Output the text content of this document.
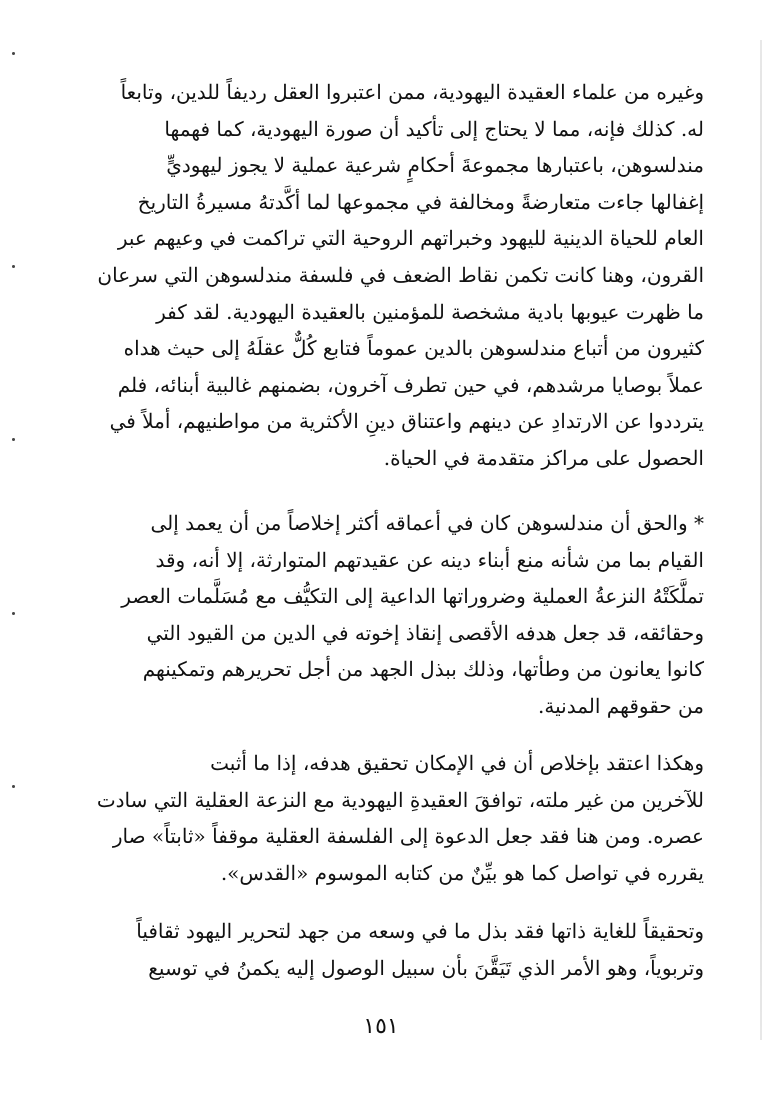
وغيره من علماء العقيدة اليهودية، ممن اعتبروا العقل رديفاً للدين، وتابعاً

له. كذلك فإنه، مما لا يحتاج إلى تأكيد أن صورة اليهودية، كما فهمها

مندلسوهن، باعتبارها مجموعةَ أحكامٍ شرعية عملية لا يجوز ليهوديٍّ

إغفالها جاءت متعارضةً ومخالفة في مجموعها لما أكَّدتهُ مسيرةُ التاريخ

العام للحياة الدينية لليهود وخبراتهم الروحية التي تراكمت في وعيهم عبر

القرون، وهنا كانت تكمن نقاط الضعف في فلسفة مندلسوهن التي سرعان

ما ظهرت عيوبها بادية مشخصة للمؤمنين بالعقيدة اليهودية. لقد كفر

كثيرون من أتباع مندلسوهن بالدين عموماً فتابع كُلٌّ عقلَهُ إلى حيث هداه

عملاً بوصايا مرشدهم، في حين تطرف آخرون، بضمنهم غالبية أبنائه، فلم

يترددوا عن الارتدادِ عن دينهم واعتناق دينِ الأكثرية من مواطنيهم، أملاً في

الحصول على مراكز متقدمة في الحياة.

* والحق أن مندلسوهن كان في أعماقه أكثر إخلاصاً من أن يعمد إلى

القيام بما من شأنه منع أبناء دينه عن عقيدتهم المتوارثة، إلا أنه، وقد

تملَّكَتْهُ النزعةُ العملية وضروراتها الداعية إلى التكيُّف مع مُسَلَّمات العصر

وحقائقه، قد جعل هدفه الأقصى إنقاذ إخوته في الدين من القيود التي

كانوا يعانون من وطأتها، وذلك ببذل الجهد من أجل تحريرهم وتمكينهم

من حقوقهم المدنية.

وهكذا اعتقد بإخلاص أن في الإمكان تحقيق هدفه، إذا ما أثبت

للآخرين من غير ملته، توافقَ العقيدةِ اليهودية مع النزعة العقلية التي سادت

عصره. ومن هنا فقد جعل الدعوة إلى الفلسفة العقلية موقفاً «ثابتاً» صار

يقرره في تواصل كما هو بيِّنٌ من كتابه الموسوم «القدس».

وتحقيقاً للغاية ذاتها فقد بذل ما في وسعه من جهد لتحرير اليهود ثقافياً

وتربوياً، وهو الأمر الذي تَيَقَّنَ بأن سبيل الوصول إليه يكمنُ في توسيع

١٥١
